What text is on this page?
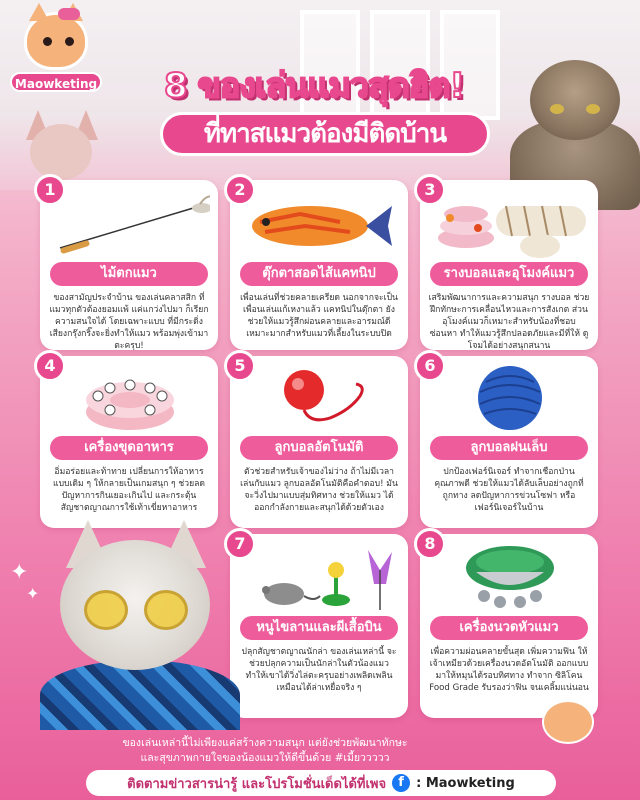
Maowketing	8 ของเล่นแมวสุดฮิต!
ที่ทาสแมวต้องมีติดบ้าน
1
ไม้ตกแมว
ของสามัญประจำบ้าน ของเล่นคลาสสิก ที่แมวทุกตัวต้องยอมแพ้ แค่แกว่งไปมา ก็เรียกความสนใจได้ โดยเฉพาะแบบ ที่มีกระดิ่ง เสียงกรุ๊งกริ๊งจะยิ่งทำให้แมว พร้อมพุ่งเข้ามาตะครุบ!
2
ตุ๊กตาสอดไส้แคทนิป
เพื่อนเล่นที่ช่วยคลายเครียด นอกจากจะเป็น เพื่อนเล่นแก้เหงาแล้ว แคทนิปในตุ๊กตา ยังช่วยให้แมวรู้สึกผ่อนคลายและอารมณ์ดี เหมาะมากสำหรับแมวที่เลี้ยงในระบบปิด
3
รางบอลและอุโมงค์แมว
เสริมพัฒนาการและความสนุก รางบอล ช่วยฝึกทักษะการเคลื่อนไหวและการสังเกต ส่วนอุโมงค์แมวก็เหมาะสำหรับน้องที่ชอบ ซ่อนหา ทำให้แมวรู้สึกปลอดภัยและมีที่ให้ ดูโจมได้อย่างสนุกสนาน
4
เครื่องขุดอาหาร
อิ่มอร่อยและท้าทาย เปลี่ยนการให้อาหาร แบบเดิม ๆ ให้กลายเป็นเกมสนุก ๆ ช่วยลด ปัญหาการกินเยอะเกินไป และกระตุ้น สัญชาตญาณการใช้เท้าเขี่ยหาอาหาร
5
ลูกบอลอัตโนมัติ
ตัวช่วยสำหรับเจ้าของไม่ว่าง ถ้าไม่มีเวลา เล่นกับแมว ลูกบอลอัตโนมัติคือคำตอบ! มันจะวิ่งไปมาแบบสุ่มทิศทาง ช่วยให้แมว ได้ออกกำลังกายและสนุกได้ด้วยตัวเอง
6
ลูกบอลฝนเล็บ
ปกป้องเฟอร์นิเจอร์ ทำจากเชือกป่าน คุณภาพดี ช่วยให้แมวได้ลับเล็บอย่างถูกที่ ถูกทาง ลดปัญหาการข่วนโซฟา หรือ เฟอร์นิเจอร์ในบ้าน
7
หนูไขลานและผีเสื้อบิน
ปลุกสัญชาตญาณนักล่า ของเล่นเหล่านี้ จะช่วยปลุกความเป็นนักล่าในตัวน้องแมว ทำให้เขาได้วิ่งไล่ตะครุบอย่างเพลิดเพลิน เหมือนได้ล่าเหยื่อจริง ๆ
8
เครื่องนวดหัวแมว
เพื่อความผ่อนคลายขั้นสุด เพิ่มความฟิน ให้เจ้าเหมียวด้วยเครื่องนวดอัตโนมัติ ออกแบบมาให้หมุนได้รอบทิศทาง ทำจาก ซิลิโคน Food Grade รับรองว่าฟิน จนเคลิ้มแน่นอน
✦
✦
ของเล่นเหล่านี้ไม่เพียงแค่สร้างความสนุก แต่ยังช่วยพัฒนาทักษะ
และสุขภาพกายใจของน้องแมวให้ดีขึ้นด้วย #เมี้ยววววว
ติดตามข่าวสารน่ารู้ และโปรโมชั่นเด็ดได้ที่เพจ f : Maowketing
